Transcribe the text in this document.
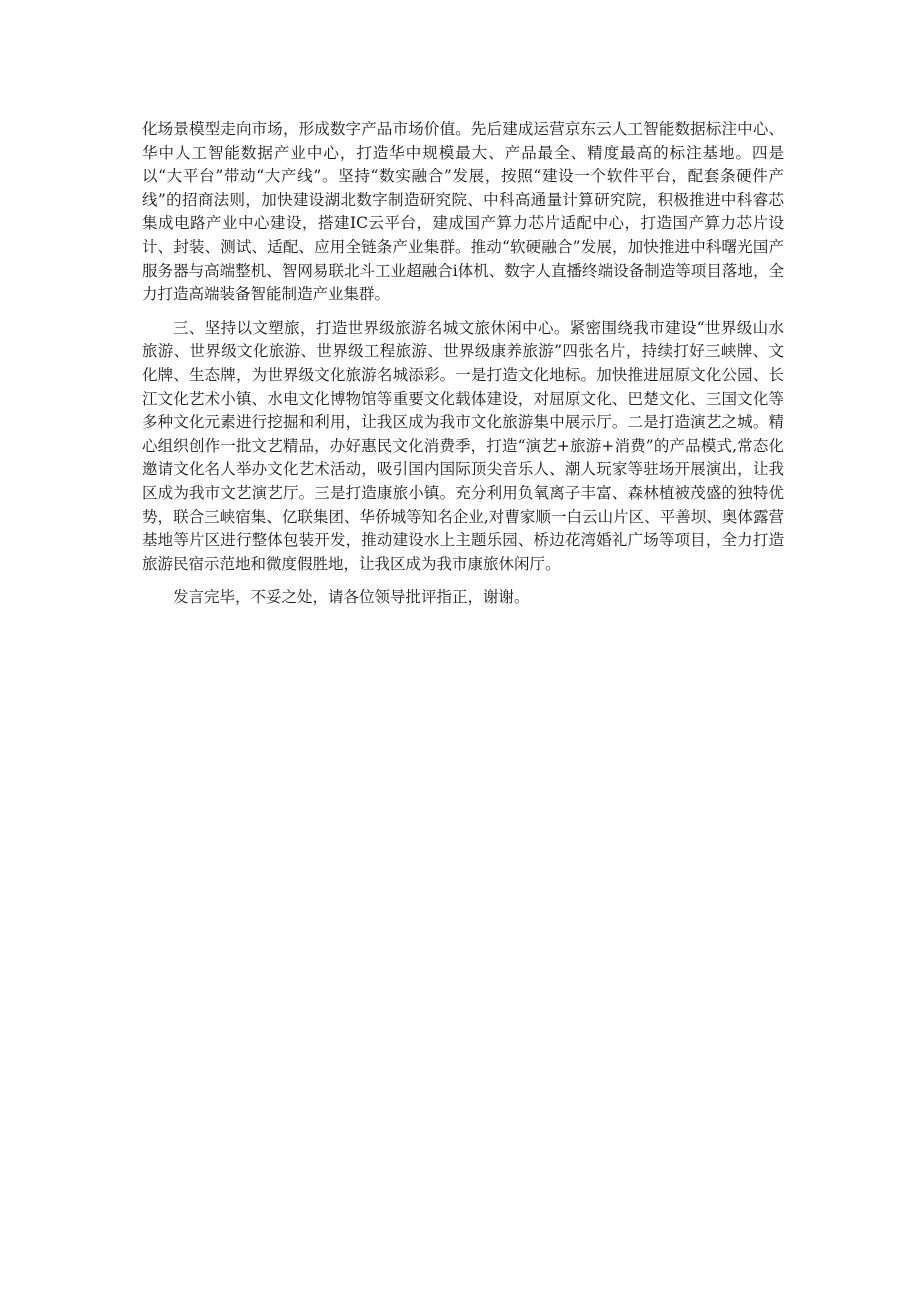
化场景模型走向市场，形成数字产品市场价值。先后建成运营京东云人工智能数据标注中心、华中人工智能数据产业中心，打造华中规模最大、产品最全、精度最高的标注基地。四是以“大平台”带动“大产线”。坚持“数实融合”发展，按照“建设一个软件平台，配套条硬件产线”的招商法则，加快建设湖北数字制造研究院、中科高通量计算研究院，积极推进中科睿芯集成电路产业中心建设，搭建IC云平台，建成国产算力芯片适配中心，打造国产算力芯片设计、封装、测试、适配、应用全链条产业集群。推动“软硬融合”发展，加快推进中科曙光国产服务器与高端整机、智网易联北斗工业超融合i体机、数字人直播终端设备制造等项目落地，全力打造高端装备智能制造产业集群。

三、坚持以文塑旅，打造世界级旅游名城文旅休闲中心。紧密围绕我市建设“世界级山水旅游、世界级文化旅游、世界级工程旅游、世界级康养旅游”四张名片，持续打好三峡牌、文化牌、生态牌，为世界级文化旅游名城添彩。一是打造文化地标。加快推进屈原文化公园、长江文化艺术小镇、水电文化博物馆等重要文化载体建设，对屈原文化、巴楚文化、三国文化等多种文化元素进行挖掘和利用，让我区成为我市文化旅游集中展示厅。二是打造演艺之城。精心组织创作一批文艺精品，办好惠民文化消费季，打造“演艺+旅游+消费”的产品模式,常态化邀请文化名人举办文化艺术活动，吸引国内国际顶尖音乐人、潮人玩家等驻场开展演出，让我区成为我市文艺演艺厅。三是打造康旅小镇。充分利用负氧离子丰富、森林植被茂盛的独特优势，联合三峡宿集、亿联集团、华侨城等知名企业,对曹家顺一白云山片区、平善坝、奥体露营基地等片区进行整体包装开发，推动建设水上主题乐园、桥边花湾婚礼广场等项目，全力打造旅游民宿示范地和微度假胜地，让我区成为我市康旅休闲厅。

发言完毕，不妥之处，请各位领导批评指正，谢谢。
